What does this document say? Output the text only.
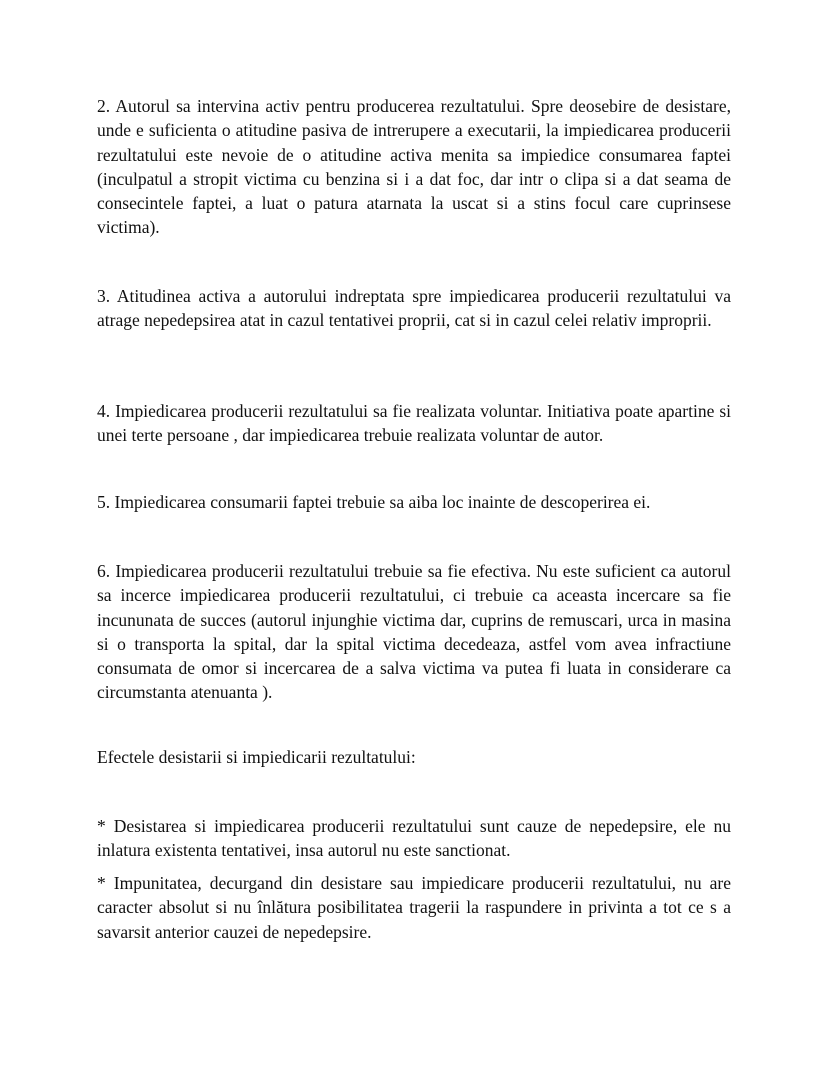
2. Autorul sa intervina activ pentru producerea rezultatului. Spre deosebire de desistare, unde e suficienta o atitudine pasiva de intrerupere a executarii, la impiedicarea producerii rezultatului este nevoie de o atitudine activa menita sa impiedice consumarea faptei (inculpatul a stropit victima cu benzina si i a dat foc, dar intr o clipa si a dat seama de consecintele faptei, a luat o patura atarnata la uscat si a stins focul care cuprinsese victima).

3. Atitudinea activa a autorului indreptata spre impiedicarea producerii rezultatului va atrage nepedepsirea atat in cazul tentativei proprii, cat si in cazul celei relativ improprii.

4. Impiedicarea producerii rezultatului sa fie realizata voluntar. Initiativa poate apartine si unei terte persoane , dar impiedicarea trebuie realizata voluntar de autor.

5. Impiedicarea consumarii faptei trebuie sa aiba loc inainte de descoperirea ei.

6. Impiedicarea producerii rezultatului trebuie sa fie efectiva. Nu este suficient ca autorul sa incerce impiedicarea producerii rezultatului, ci trebuie ca aceasta incercare sa fie incununata de succes (autorul injunghie victima dar, cuprins de remuscari, urca in masina si o transporta la spital, dar la spital victima decedeaza, astfel vom avea infractiune consumata de omor si incercarea de a salva victima va putea fi luata in considerare ca circumstanta atenuanta ).

Efectele desistarii si impiedicarii rezultatului:

* Desistarea si impiedicarea producerii rezultatului sunt cauze de nepedepsire, ele nu inlatura existenta tentativei, insa autorul nu este sanctionat.

* Impunitatea, decurgand din desistare sau impiedicare producerii rezultatului, nu are caracter absolut si nu înlătura posibilitatea tragerii la raspundere in privinta a tot ce s a savarsit anterior cauzei de nepedepsire.
